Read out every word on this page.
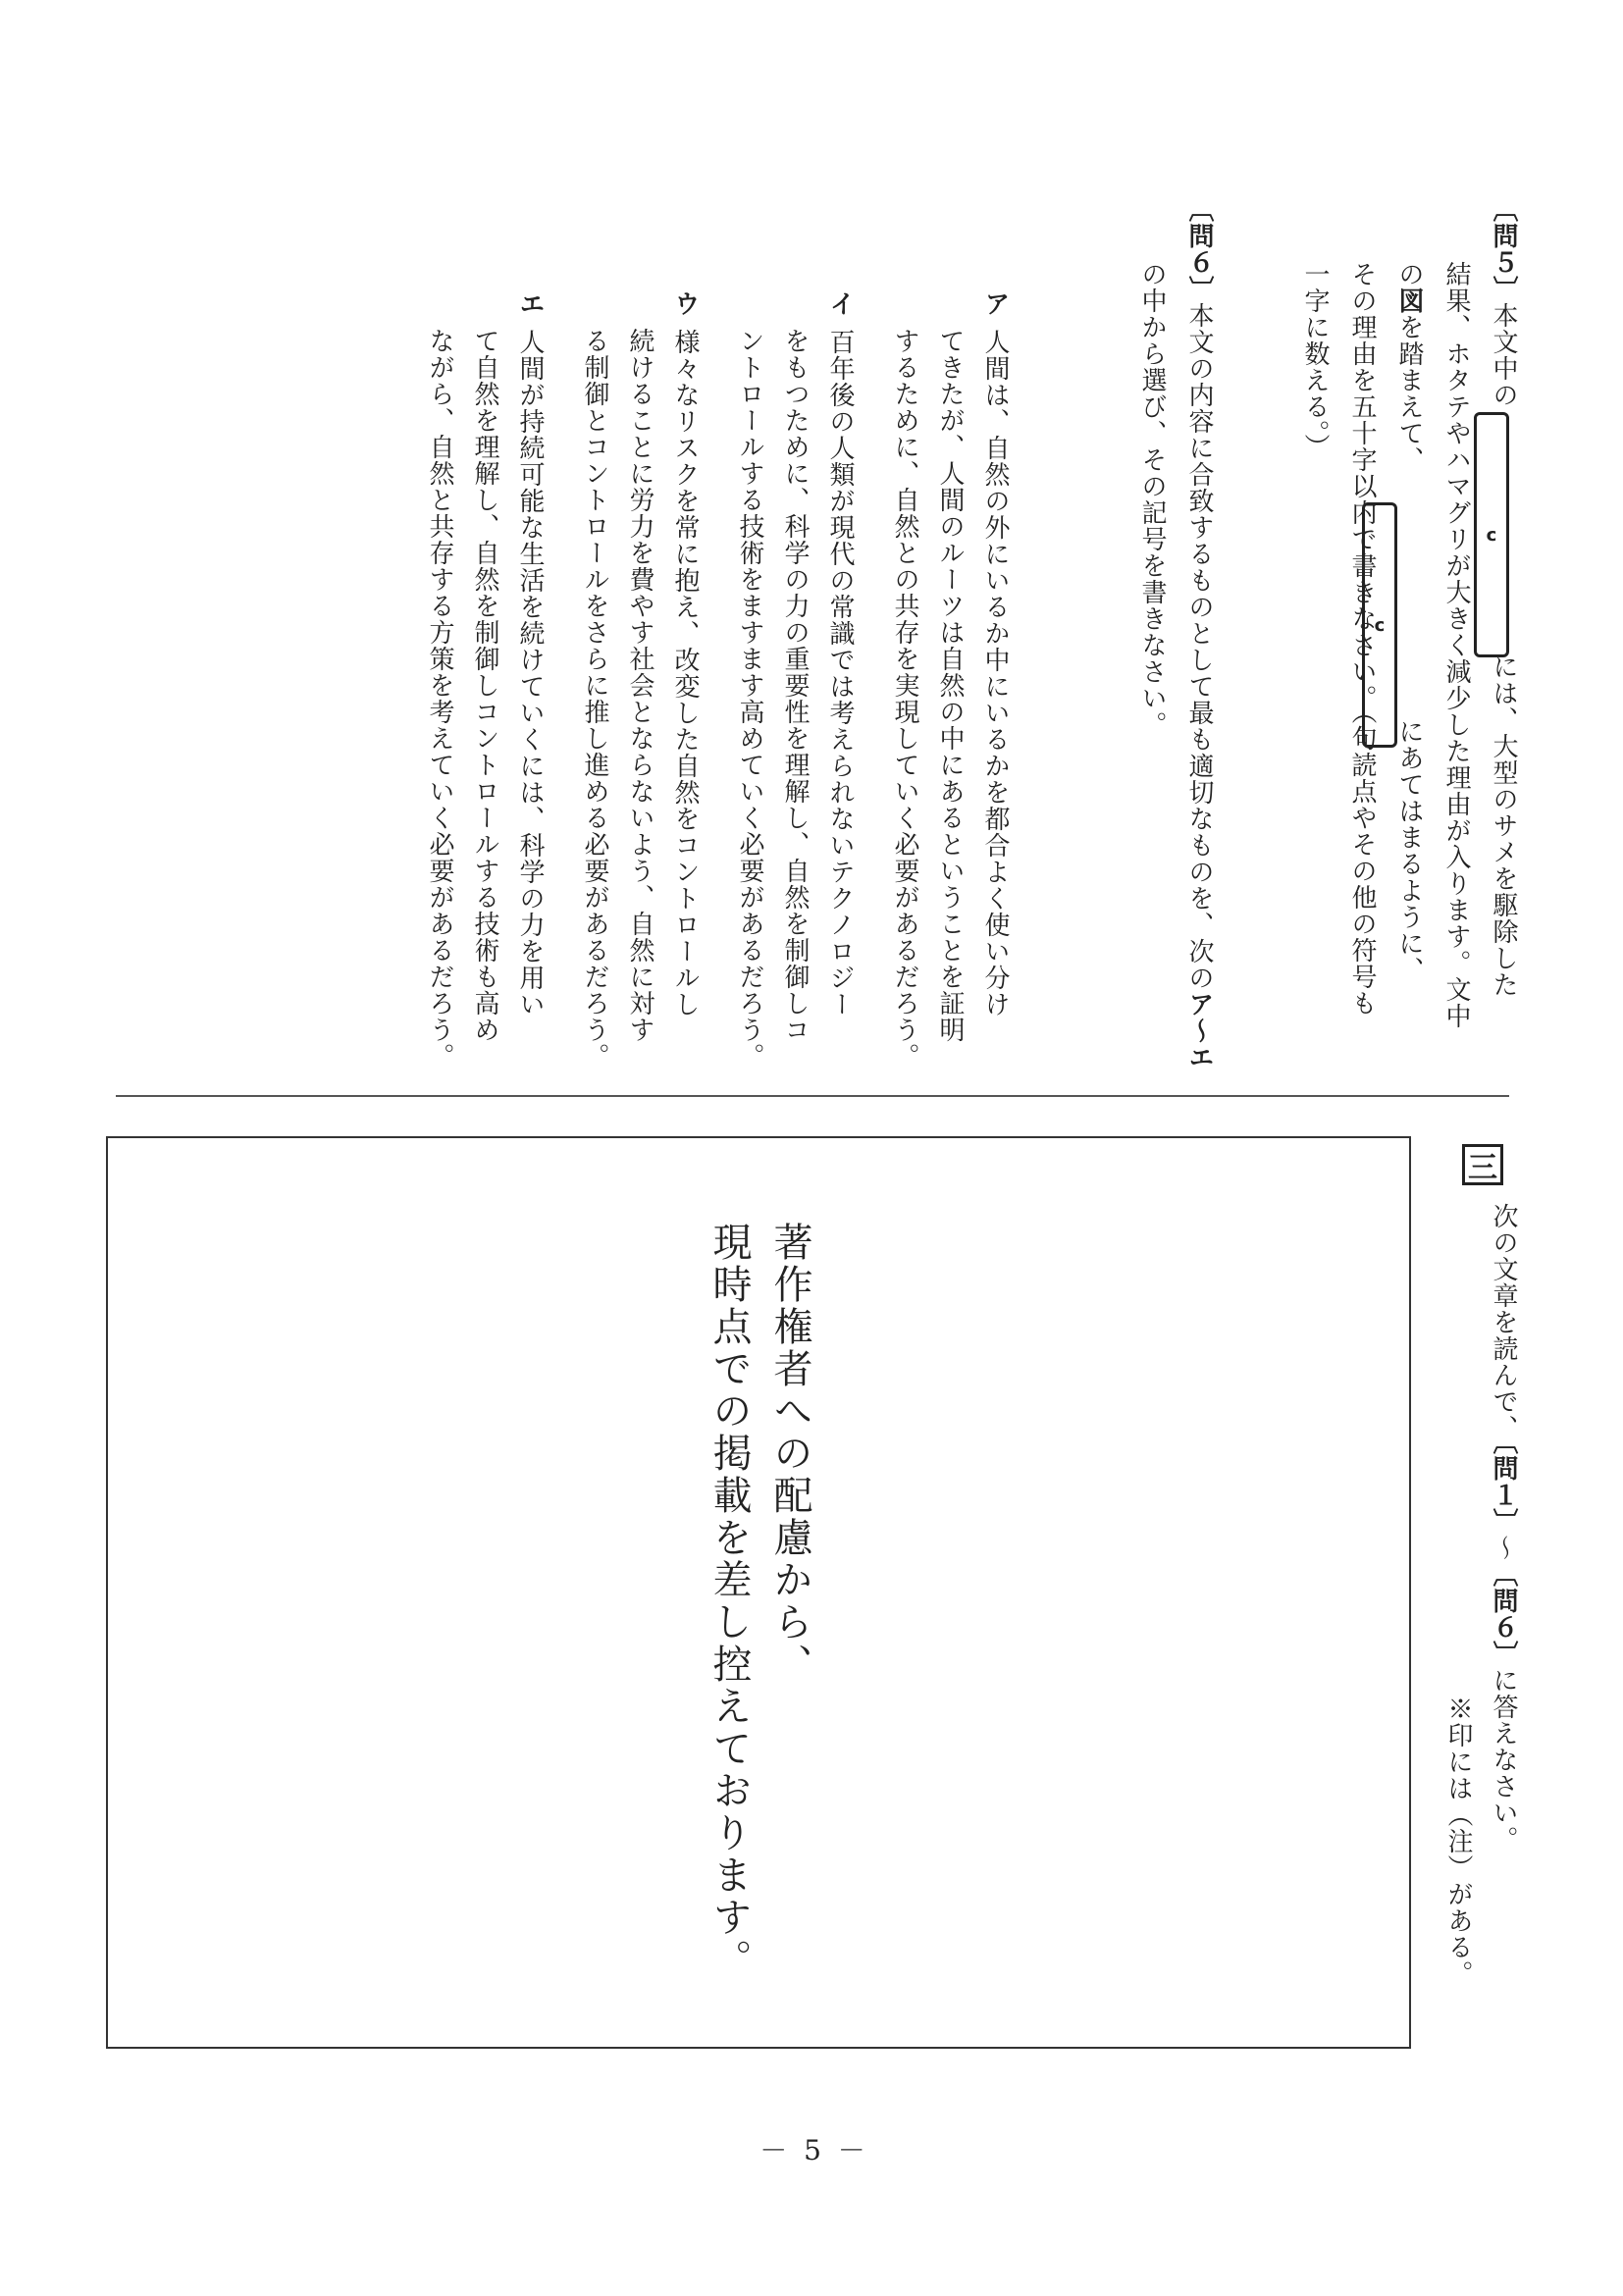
〔問５〕本文中のには、大型のサメを駆除した
c
結果、ホタテやハマグリが大きく減少した理由が入ります。文中
の図を踏まえて、にあてはまるように、
c
その理由を五十字以内で書きなさい。（句読点やその他の符号も
一字に数える。）
〔問６〕本文の内容に合致するものとして最も適切なものを、次のア～エ
の中から選び、その記号を書きなさい。
ア人間は、自然の外にいるか中にいるかを都合よく使い分け
てきたが、人間のルーツは自然の中にあるということを証明
するために、自然との共存を実現していく必要があるだろう。
イ百年後の人類が現代の常識では考えられないテクノロジー
をもつために、科学の力の重要性を理解し、自然を制御しコ
ントロールする技術をますます高めていく必要があるだろう。
ウ様々なリスクを常に抱え、改変した自然をコントロールし
続けることに労力を費やす社会とならないよう、自然に対す
る制御とコントロールをさらに推し進める必要があるだろう。
エ人間が持続可能な生活を続けていくには、科学の力を用い
て自然を理解し、自然を制御しコントロールする技術も高め
ながら、自然と共存する方策を考えていく必要があるだろう。
三
次の文章を読んで、〔問１〕～〔問６〕に答えなさい。
※印には（注）がある。
著作権者への配慮から、
現時点での掲載を差し控えております。
－ 5 －
